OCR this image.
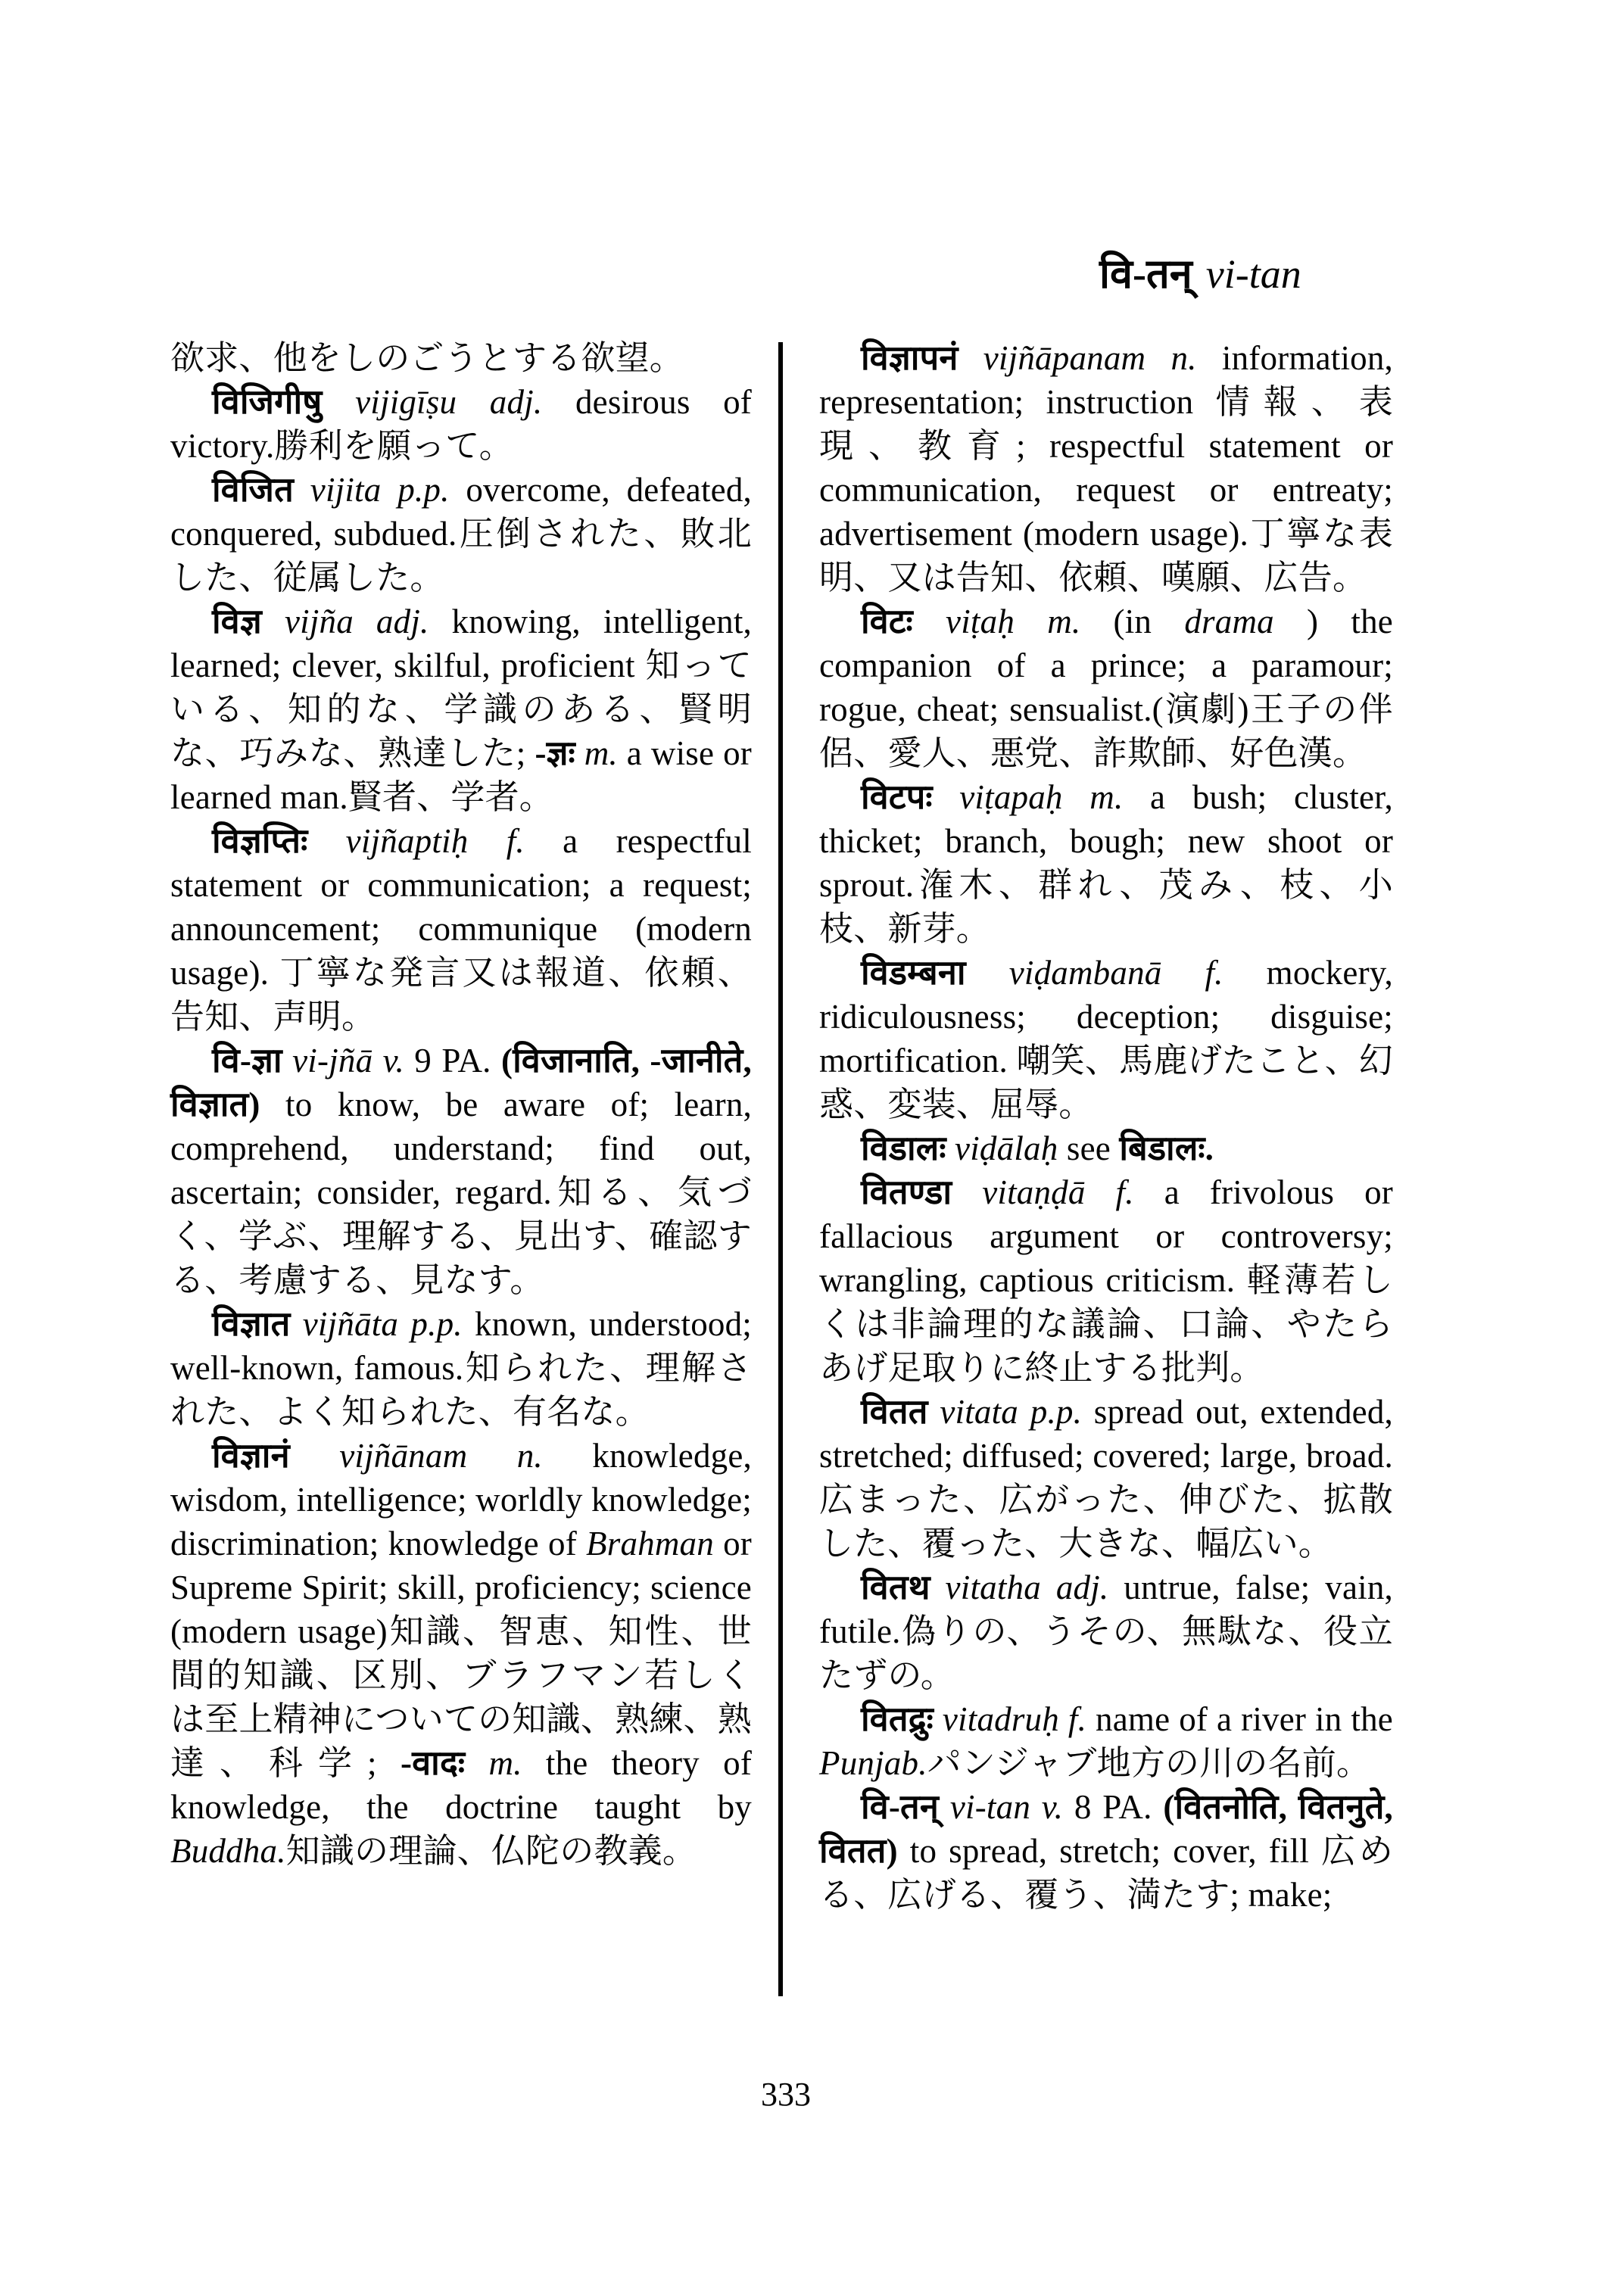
वि-तन् vi-tan

欲求、他をしのごうとする欲望。

विजिगीषु vijigīṣu adj. desirous of victory.勝利を願って。

विजित vijita p.p. overcome, defeated, conquered, subdued.圧倒された、敗北した、従属した。

विज्ञ vijña adj. knowing, intelligent, learned; clever, skilful, proficient 知っている、知的な、学識のある、賢明な、巧みな、熟達した; -ज्ञः m. a wise or learned man.賢者、学者。

विज्ञप्तिः vijñaptiḥ f. a respectful statement or communication; a request; announcement; communique (modern usage). 丁寧な発言又は報道、依頼、告知、声明。

वि-ज्ञा vi-jñā v. 9 PA. (विजानाति, -जानीते, विज्ञात) to know, be aware of; learn, comprehend, understand; find out, ascertain; consider, regard.知る、気づく、学ぶ、理解する、見出す、確認する、考慮する、見なす。

विज्ञात vijñāta p.p. known, understood; well-known, famous.知られた、理解された、よく知られた、有名な。

विज्ञानं vijñānam n. knowledge, wisdom, intelligence; worldly knowledge; discrimination; knowledge of Brahman or Supreme Spirit; skill, proficiency; science (modern usage)知識、智恵、知性、世間的知識、区別、ブラフマン若しくは至上精神についての知識、熟練、熟達、科学; -वादः m. the theory of knowledge, the doctrine taught by Buddha.知識の理論、仏陀の教義。

विज्ञापनं vijñāpanam n. information, representation; instruction 情報、表現、教育; respectful statement or communication, request or entreaty; advertisement (modern usage).丁寧な表明、又は告知、依頼、嘆願、広告。

विटः viṭaḥ m. (in drama ) the companion of a prince; a paramour; rogue, cheat; sensualist.(演劇)王子の伴侶、愛人、悪党、詐欺師、好色漢。

विटपः viṭapaḥ m. a bush; cluster, thicket; branch, bough; new shoot or sprout.潅木、群れ、茂み、枝、小枝、新芽。

विडम्बना viḍambanā f. mockery, ridiculousness; deception; disguise; mortification. 嘲笑、馬鹿げたこと、幻惑、変装、屈辱。

विडालः viḍālaḥ see बिडालः.

वितण्डा vitaṇḍā f. a frivolous or fallacious argument or controversy; wrangling, captious criticism. 軽薄若しくは非論理的な議論、口論、やたらあげ足取りに終止する批判。

वितत vitata p.p. spread out, extended, stretched; diffused; covered; large, broad.広まった、広がった、伸びた、拡散した、覆った、大きな、幅広い。

वितथ vitatha adj. untrue, false; vain, futile.偽りの、うその、無駄な、役立たずの。

वितद्रुः vitadruḥ f. name of a river in the Punjab.パンジャブ地方の川の名前。

वि-तन् vi-tan v. 8 PA. (वितनोति, वितनुते, वितत) to spread, stretch; cover, fill 広める、広げる、覆う、満たす; make;

333
